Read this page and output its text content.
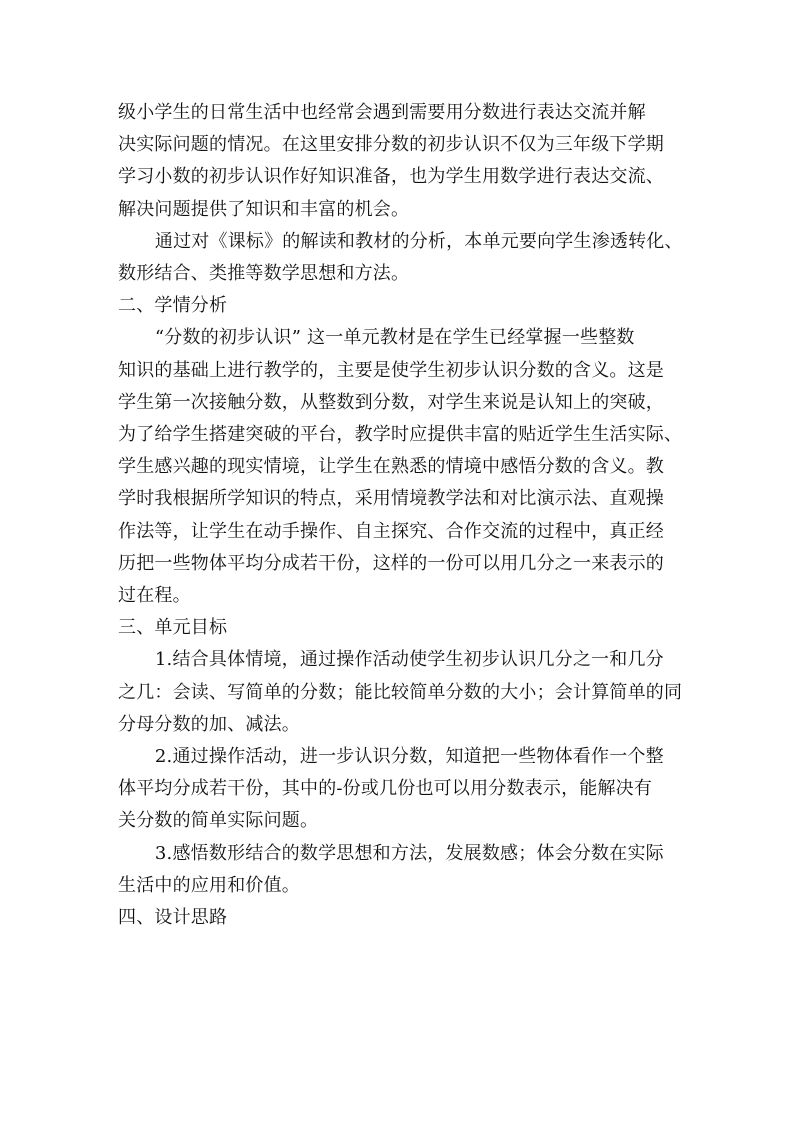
级小学生的日常生活中也经常会遇到需要用分数进行表达交流并解
决实际问题的情况。在这里安排分数的初步认识不仅为三年级下学期
学习小数的初步认识作好知识准备，也为学生用数学进行表达交流、
解决问题提供了知识和丰富的机会。

通过对《课标》的解读和教材的分析，本单元要向学生渗透转化、
数形结合、类推等数学思想和方法。

二、学情分析

“分数的初步认识” 这一单元教材是在学生已经掌握一些整数
知识的基础上进行教学的，主要是使学生初步认识分数的含义。这是
学生第一次接触分数，从整数到分数，对学生来说是认知上的突破，
为了给学生搭建突破的平台，教学时应提供丰富的贴近学生生活实际、
学生感兴趣的现实情境，让学生在熟悉的情境中感悟分数的含义。教
学时我根据所学知识的特点，采用情境教学法和对比演示法、直观操
作法等，让学生在动手操作、自主探究、合作交流的过程中，真正经
历把一些物体平均分成若干份，这样的一份可以用几分之一来表示的
过在程。

三、单元目标

1.结合具体情境，通过操作活动使学生初步认识几分之一和几分
之几：会读、写简单的分数；能比较简单分数的大小；会计算简单的同
分母分数的加、减法。

2.通过操作活动，进一步认识分数，知道把一些物体看作一个整
体平均分成若干份，其中的-份或几份也可以用分数表示，能解决有
关分数的简单实际问题。

3.感悟数形结合的数学思想和方法，发展数感；体会分数在实际
生活中的应用和价值。

四、设计思路
